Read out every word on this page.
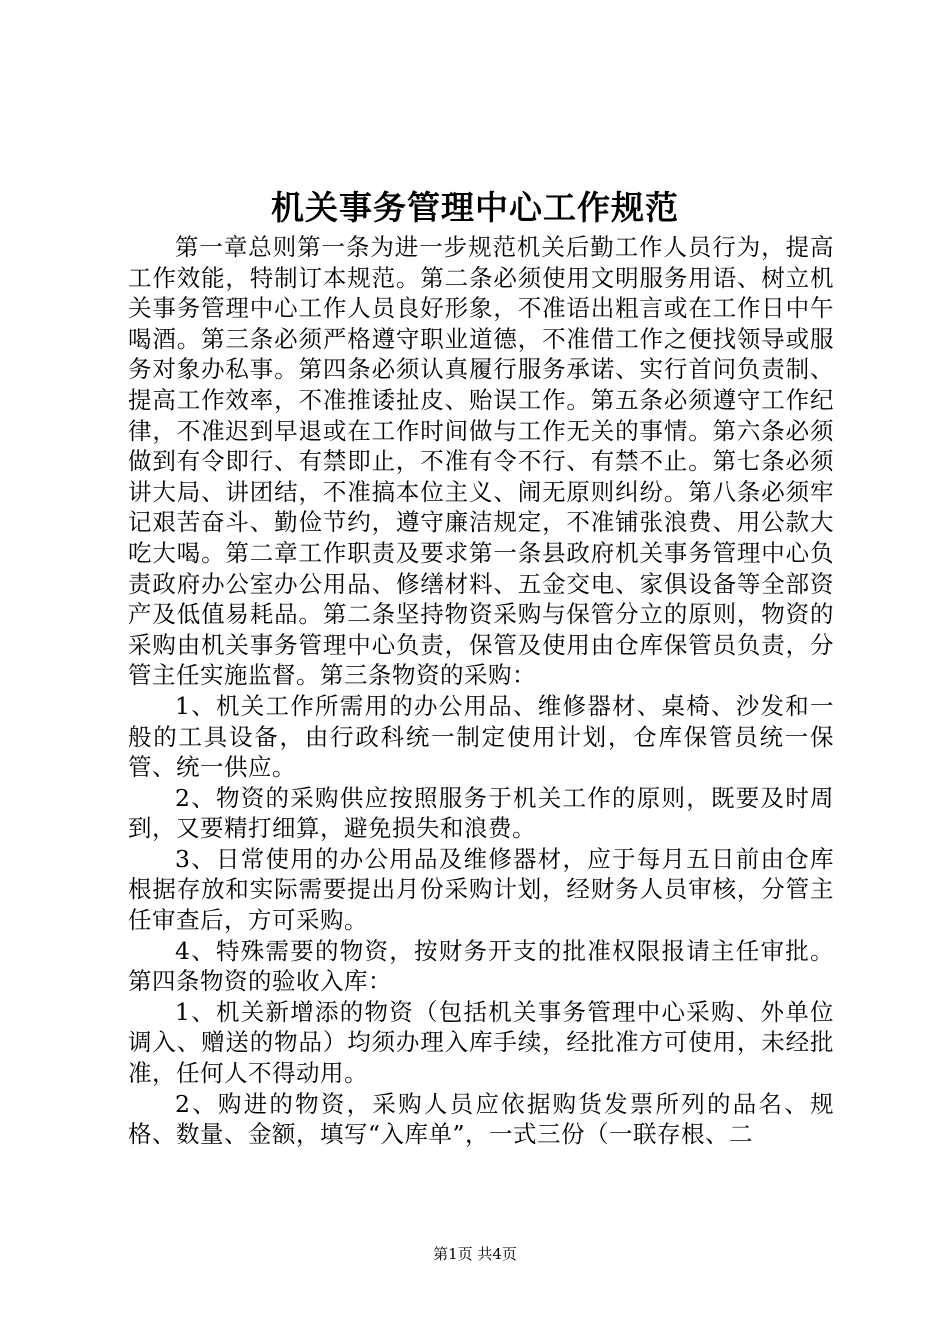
机关事务管理中心工作规范

第一章总则第一条为进一步规范机关后勤工作人员行为，提高工作效能，特制订本规范。第二条必须使用文明服务用语、树立机关事务管理中心工作人员良好形象，不准语出粗言或在工作日中午喝酒。第三条必须严格遵守职业道德，不准借工作之便找领导或服务对象办私事。第四条必须认真履行服务承诺、实行首问负责制、提高工作效率，不准推诿扯皮、贻误工作。第五条必须遵守工作纪律，不准迟到早退或在工作时间做与工作无关的事情。第六条必须做到有令即行、有禁即止，不准有令不行、有禁不止。第七条必须讲大局、讲团结，不准搞本位主义、闹无原则纠纷。第八条必须牢记艰苦奋斗、勤俭节约，遵守廉洁规定，不准铺张浪费、用公款大吃大喝。第二章工作职责及要求第一条县政府机关事务管理中心负责政府办公室办公用品、修缮材料、五金交电、家俱设备等全部资产及低值易耗品。第二条坚持物资采购与保管分立的原则，物资的采购由机关事务管理中心负责，保管及使用由仓库保管员负责，分管主任实施监督。第三条物资的采购：

1、机关工作所需用的办公用品、维修器材、桌椅、沙发和一般的工具设备，由行政科统一制定使用计划，仓库保管员统一保管、统一供应。

2、物资的采购供应按照服务于机关工作的原则，既要及时周到，又要精打细算，避免损失和浪费。

3、日常使用的办公用品及维修器材，应于每月五日前由仓库根据存放和实际需要提出月份采购计划，经财务人员审核，分管主任审查后，方可采购。

4、特殊需要的物资，按财务开支的批准权限报请主任审批。第四条物资的验收入库：

1、机关新增添的物资（包括机关事务管理中心采购、外单位调入、赠送的物品）均须办理入库手续，经批准方可使用，未经批准，任何人不得动用。

2、购进的物资，采购人员应依据购货发票所列的品名、规格、数量、金额，填写“入库单”，一式三份（一联存根、二

第1页 共4页
